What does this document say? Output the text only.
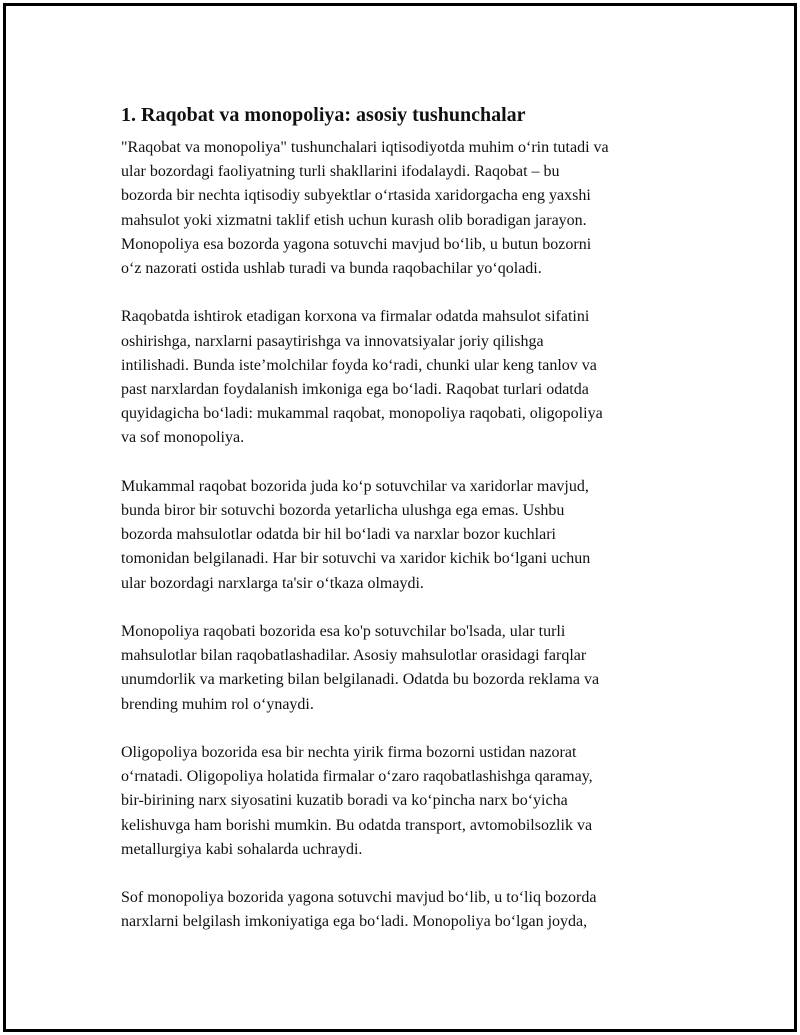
1. Raqobat va monopoliya: asosiy tushunchalar

"Raqobat va monopoliya" tushunchalari iqtisodiyotda muhim o‘rin tutadi va
ular bozordagi faoliyatning turli shakllarini ifodalaydi. Raqobat – bu
bozorda bir nechta iqtisodiy subyektlar o‘rtasida xaridorgacha eng yaxshi
mahsulot yoki xizmatni taklif etish uchun kurash olib boradigan jarayon.
Monopoliya esa bozorda yagona sotuvchi mavjud bo‘lib, u butun bozorni
o‘z nazorati ostida ushlab turadi va bunda raqobachilar yo‘qoladi.

Raqobatda ishtirok etadigan korxona va firmalar odatda mahsulot sifatini
oshirishga, narxlarni pasaytirishga va innovatsiyalar joriy qilishga
intilishadi. Bunda iste’molchilar foyda ko‘radi, chunki ular keng tanlov va
past narxlardan foydalanish imkoniga ega bo‘ladi. Raqobat turlari odatda
quyidagicha bo‘ladi: mukammal raqobat, monopoliya raqobati, oligopoliya
va sof monopoliya.

Mukammal raqobat bozorida juda ko‘p sotuvchilar va xaridorlar mavjud,
bunda biror bir sotuvchi bozorda yetarlicha ulushga ega emas. Ushbu
bozorda mahsulotlar odatda bir hil bo‘ladi va narxlar bozor kuchlari
tomonidan belgilanadi. Har bir sotuvchi va xaridor kichik bo‘lgani uchun
ular bozordagi narxlarga ta'sir o‘tkaza olmaydi.

Monopoliya raqobati bozorida esa ko'p sotuvchilar bo'lsada, ular turli
mahsulotlar bilan raqobatlashadilar. Asosiy mahsulotlar orasidagi farqlar
unumdorlik va marketing bilan belgilanadi. Odatda bu bozorda reklama va
brending muhim rol o‘ynaydi.

Oligopoliya bozorida esa bir nechta yirik firma bozorni ustidan nazorat
o‘rnatadi. Oligopoliya holatida firmalar o‘zaro raqobatlashishga qaramay,
bir-birining narx siyosatini kuzatib boradi va ko‘pincha narx bo‘yicha
kelishuvga ham borishi mumkin. Bu odatda transport, avtomobilsozlik va
metallurgiya kabi sohalarda uchraydi.

Sof monopoliya bozorida yagona sotuvchi mavjud bo‘lib, u to‘liq bozorda
narxlarni belgilash imkoniyatiga ega bo‘ladi. Monopoliya bo‘lgan joyda,
